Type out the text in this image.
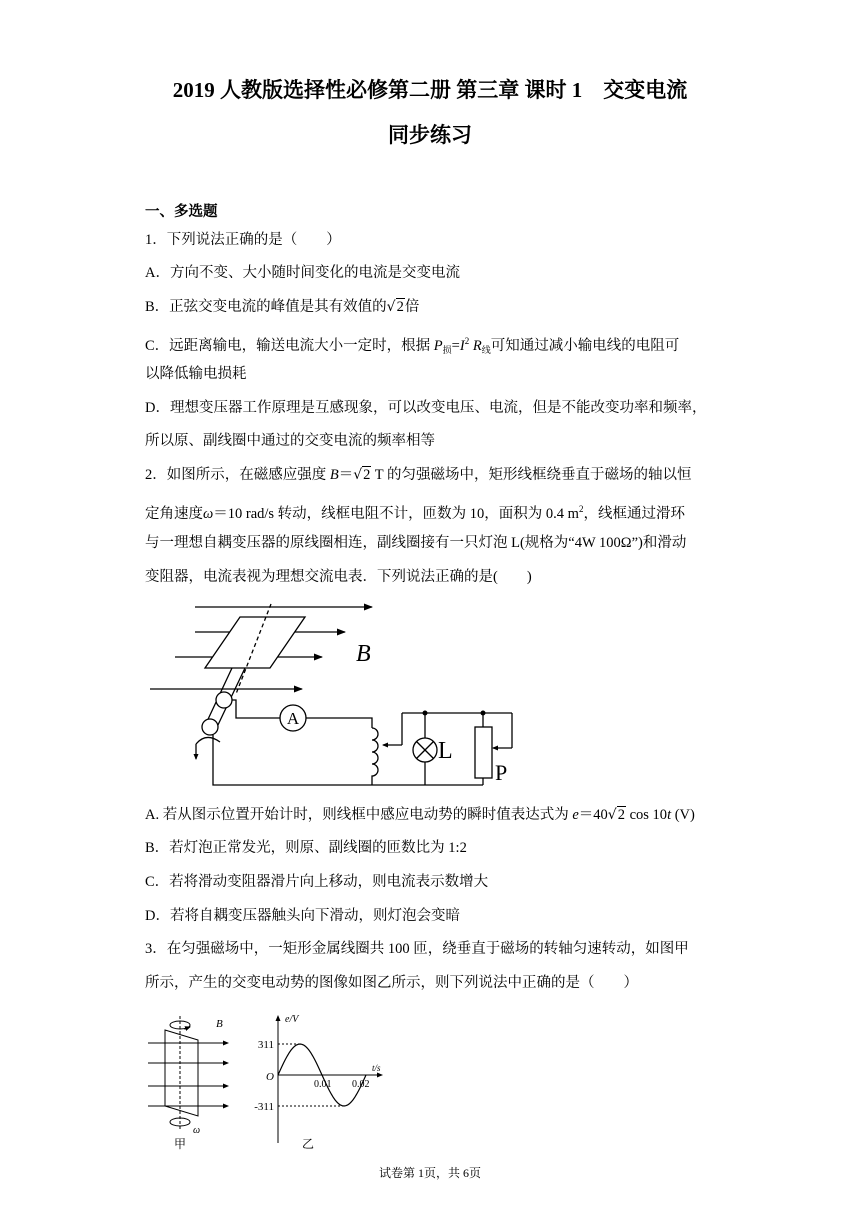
2019 人教版选择性必修第二册 第三章 课时 1　交变电流
同步练习
一、多选题
1．下列说法正确的是（　　）
A．方向不变、大小随时间变化的电流是交变电流
B．正弦交变电流的峰值是其有效值的√2倍
C．远距离输电，输送电流大小一定时，根据 $P_损=I^2$ $R_线$可知通过减小输电线的电阻可
以降低输电损耗
D．理想变压器工作原理是互感现象，可以改变电压、电流，但是不能改变功率和频率，
所以原、副线圈中通过的交变电流的频率相等
2．如图所示，在磁感应强度 B＝√2 T 的匀强磁场中，矩形线框绕垂直于磁场的轴以恒
定角速度ω＝10 rad/s 转动，线框电阻不计，匝数为 10，面积为 0.4 $m^2$，线框通过滑环
与一理想自耦变压器的原线圈相连，副线圈接有一只灯泡 L(规格为“4W 100Ω”)和滑动
变阻器，电流表视为理想交流电表．下列说法正确的是(　　)
A
B
L
P
A. 若从图示位置开始计时，则线框中感应电动势的瞬时值表达式为 e＝40√2 cos 10t (V)
B．若灯泡正常发光，则原、副线圈的匝数比为 1:2
C．若将滑动变阻器滑片向上移动，则电流表示数增大
D．若将自耦变压器触头向下滑动，则灯泡会变暗
3．在匀强磁场中，一矩形金属线圈共 100 匝，绕垂直于磁场的转轴匀速转动，如图甲
所示，产生的交变电动势的图像如图乙所示，则下列说法中正确的是（　　）
B
ω
甲
e/V
t/s
311
O
-311
0.01 0.02
乙
试卷第 1页，共 6页
